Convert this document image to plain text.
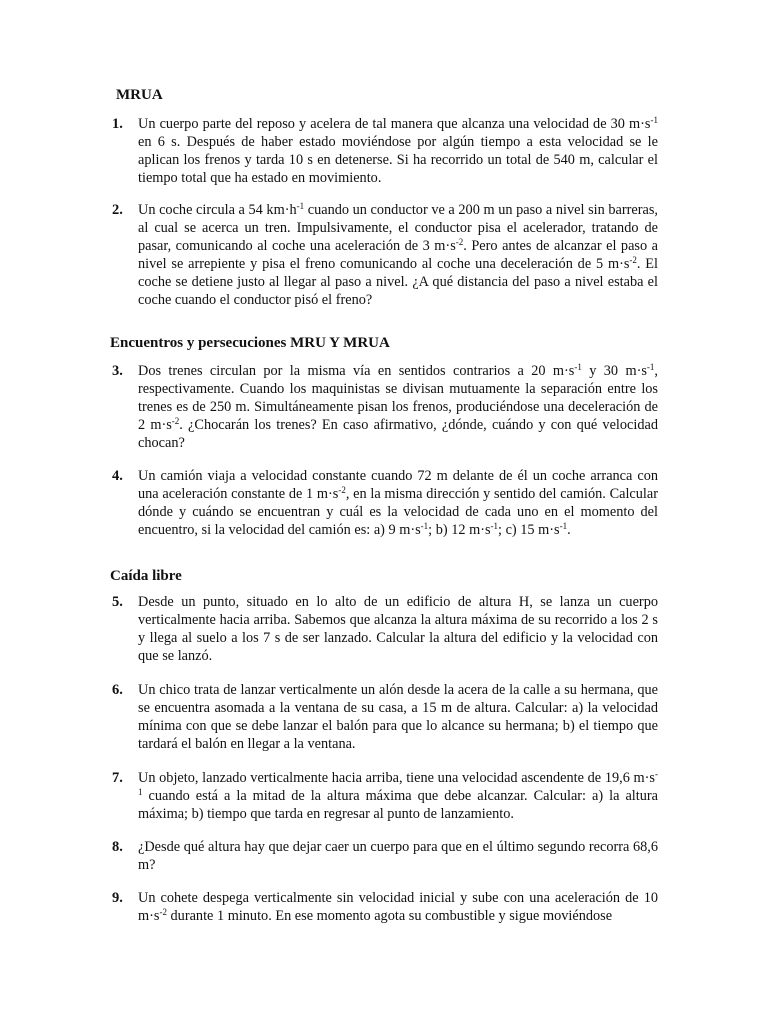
MRUA
1.	Un cuerpo parte del reposo y acelera de tal manera que alcanza una velocidad de 30 $m\cdot s^{-1}$ en 6 s. Después de haber estado moviéndose por algún tiempo a esta velocidad se le aplican los frenos y tarda 10 s en detenerse. Si ha recorrido un total de 540 m, calcular el tiempo total que ha estado en movimiento.
2.	Un coche circula a 54 $km\cdot h^{-1}$ cuando un conductor ve a 200 m un paso a nivel sin barreras, al cual se acerca un tren. Impulsivamente, el conductor pisa el acelerador, tratando de pasar, comunicando al coche una aceleración de 3 $m\cdot s^{-2}$. Pero antes de alcanzar el paso a nivel se arrepiente y pisa el freno comunicando al coche una deceleración de 5 $m\cdot s^{-2}$. El coche se detiene justo al llegar al paso a nivel. ¿A qué distancia del paso a nivel estaba el coche cuando el conductor pisó el freno?
Encuentros y persecuciones MRU Y MRUA
3.	Dos trenes circulan por la misma vía en sentidos contrarios a 20 $m\cdot s^{-1}$ y 30 $m\cdot s^{-1}$, respectivamente. Cuando los maquinistas se divisan mutuamente la separación entre los trenes es de 250 m. Simultáneamente pisan los frenos, produciéndose una deceleración de 2 $m\cdot s^{-2}$. ¿Chocarán los trenes? En caso afirmativo, ¿dónde, cuándo y con qué velocidad chocan?
4.	Un camión viaja a velocidad constante cuando 72 m delante de él un coche arranca con una aceleración constante de 1 $m\cdot s^{-2}$, en la misma dirección y sentido del camión. Calcular dónde y cuándo se encuentran y cuál es la velocidad de cada uno en el momento del encuentro, si la velocidad del camión es: a) 9 $m\cdot s^{-1}$; b) 12 $m\cdot s^{-1}$; c) 15 $m\cdot s^{-1}$.
Caída libre
5.	Desde un punto, situado en lo alto de un edificio de altura H, se lanza un cuerpo verticalmente hacia arriba. Sabemos que alcanza la altura máxima de su recorrido a los 2 s y llega al suelo a los 7 s de ser lanzado. Calcular la altura del edificio y la velocidad con que se lanzó.
6.	Un chico trata de lanzar verticalmente un alón desde la acera de la calle a su hermana, que se encuentra asomada a la ventana de su casa, a 15 m de altura. Calcular: a) la velocidad mínima con que se debe lanzar el balón para que lo alcance su hermana; b) el tiempo que tardará el balón en llegar a la ventana.
7.	Un objeto, lanzado verticalmente hacia arriba, tiene una velocidad ascendente de 19,6 $m\cdot s^{-1}$ cuando está a la mitad de la altura máxima que debe alcanzar. Calcular: a) la altura máxima; b) tiempo que tarda en regresar al punto de lanzamiento.
8.	¿Desde qué altura hay que dejar caer un cuerpo para que en el último segundo recorra 68,6 m?
9.	Un cohete despega verticalmente sin velocidad inicial y sube con una aceleración de 10 $m\cdot s^{-2}$ durante 1 minuto. En ese momento agota su combustible y sigue moviéndose
